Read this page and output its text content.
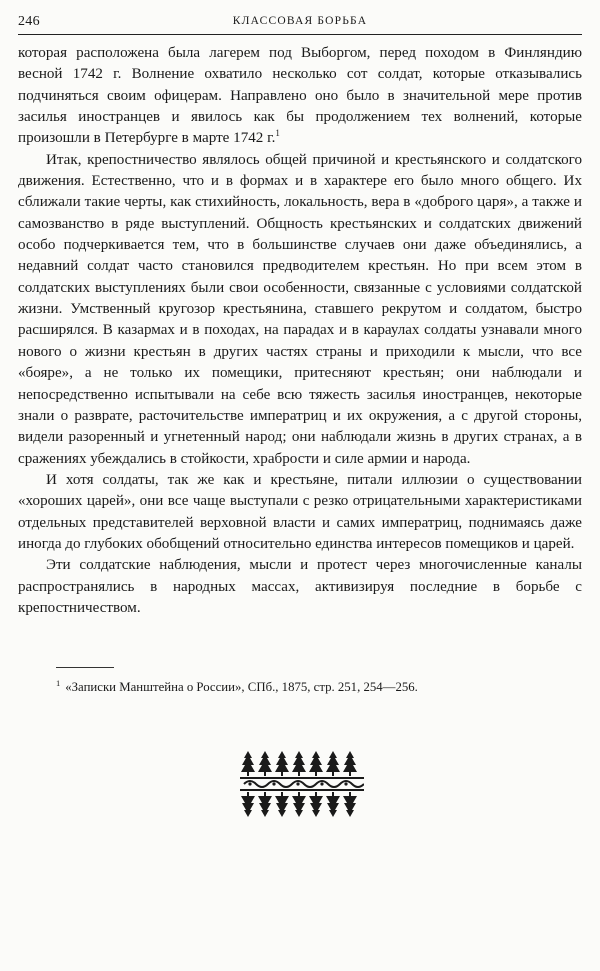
246	КЛАССОВАЯ БОРЬБА

которая расположена была лагерем под Выборгом, перед походом в Финляндию весной 1742 г. Волнение охватило несколько сот солдат, которые отказывались подчиняться своим офицерам. Направлено оно было в значительной мере против засилья иностранцев и явилось как бы продолжением тех волнений, которые произошли в Петербурге в марте 1742 г.$^1$

Итак, крепостничество являлось общей причиной и крестьянского и солдатского движения. Естественно, что и в формах и в характере его было много общего. Их сближали такие черты, как стихийность, локальность, вера в «доброго царя», а также и самозванство в ряде выступлений. Общность крестьянских и солдатских движений особо подчеркивается тем, что в большинстве случаев они даже объединялись, а недавний солдат часто становился предводителем крестьян. Но при всем этом в солдатских выступлениях были свои особенности, связанные с условиями солдатской жизни. Умственный кругозор крестьянина, ставшего рекрутом и солдатом, быстро расширялся. В казармах и в походах, на парадах и в караулах солдаты узнавали много нового о жизни крестьян в других частях страны и приходили к мысли, что все «бояре», а не только их помещики, притесняют крестьян; они наблюдали и непосредственно испытывали на себе всю тяжесть засилья иностранцев, некоторые знали о разврате, расточительстве императриц и их окружения, а с другой стороны, видели разоренный и угнетенный народ; они наблюдали жизнь в других странах, а в сражениях убеждались в стойкости, храбрости и силе армии и народа.

И хотя солдаты, так же как и крестьяне, питали иллюзии о существовании «хороших царей», они все чаще выступали с резко отрицательными характеристиками отдельных представителей верховной власти и самих императриц, поднимаясь даже иногда до глубоких обобщений относительно единства интересов помещиков и царей.

Эти солдатские наблюдения, мысли и протест через многочисленные каналы распространялись в народных массах, активизируя последние в борьбе с крепостничеством.

$^1$ «Записки Манштейна о России», СПб., 1875, стр. 251, 254—256.
